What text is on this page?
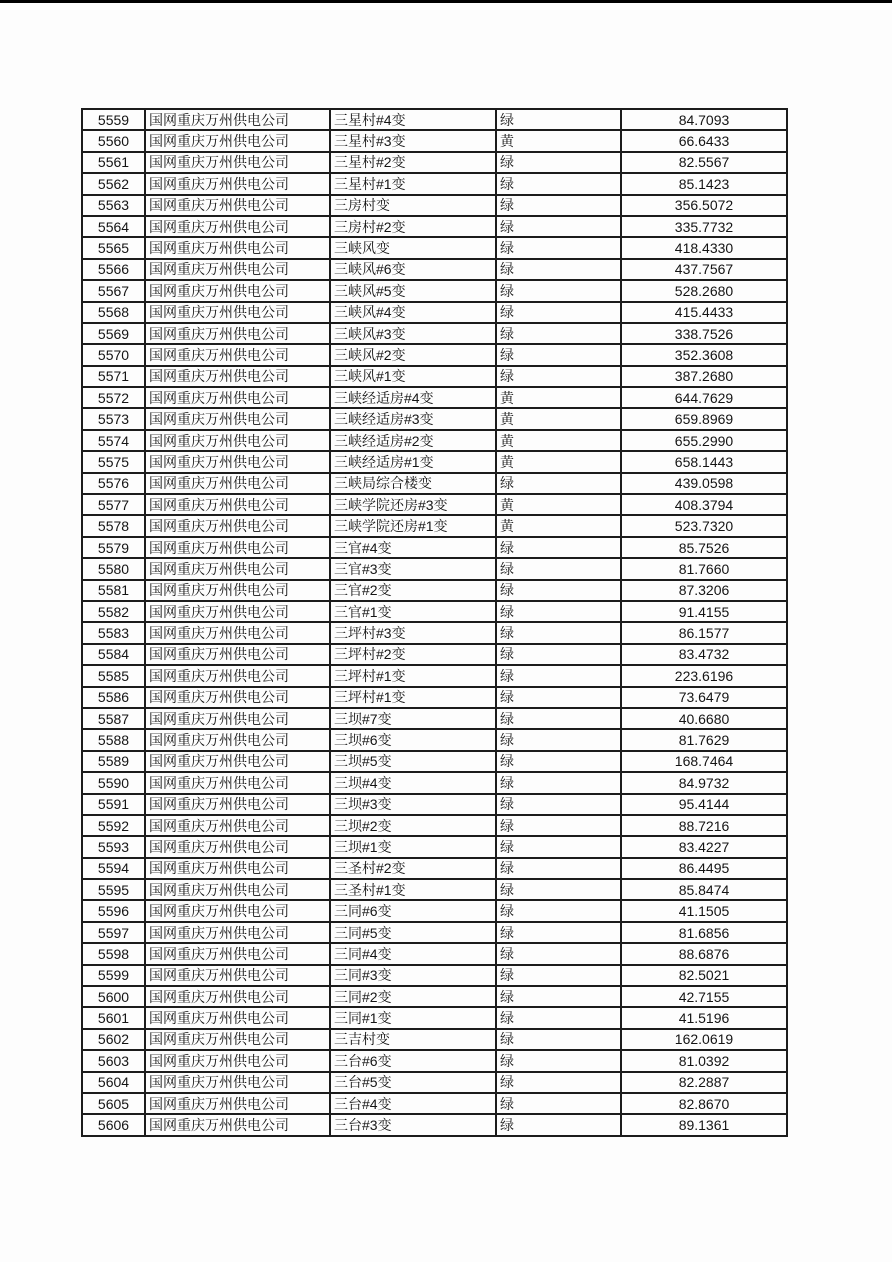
5559	国网重庆万州供电公司	三星村#4变	绿	84.7093
5560	国网重庆万州供电公司	三星村#3变	黄	66.6433
5561	国网重庆万州供电公司	三星村#2变	绿	82.5567
5562	国网重庆万州供电公司	三星村#1变	绿	85.1423
5563	国网重庆万州供电公司	三房村变	绿	356.5072
5564	国网重庆万州供电公司	三房村#2变	绿	335.7732
5565	国网重庆万州供电公司	三峡风变	绿	418.4330
5566	国网重庆万州供电公司	三峡风#6变	绿	437.7567
5567	国网重庆万州供电公司	三峡风#5变	绿	528.2680
5568	国网重庆万州供电公司	三峡风#4变	绿	415.4433
5569	国网重庆万州供电公司	三峡风#3变	绿	338.7526
5570	国网重庆万州供电公司	三峡风#2变	绿	352.3608
5571	国网重庆万州供电公司	三峡风#1变	绿	387.2680
5572	国网重庆万州供电公司	三峡经适房#4变	黄	644.7629
5573	国网重庆万州供电公司	三峡经适房#3变	黄	659.8969
5574	国网重庆万州供电公司	三峡经适房#2变	黄	655.2990
5575	国网重庆万州供电公司	三峡经适房#1变	黄	658.1443
5576	国网重庆万州供电公司	三峡局综合楼变	绿	439.0598
5577	国网重庆万州供电公司	三峡学院还房#3变	黄	408.3794
5578	国网重庆万州供电公司	三峡学院还房#1变	黄	523.7320
5579	国网重庆万州供电公司	三官#4变	绿	85.7526
5580	国网重庆万州供电公司	三官#3变	绿	81.7660
5581	国网重庆万州供电公司	三官#2变	绿	87.3206
5582	国网重庆万州供电公司	三官#1变	绿	91.4155
5583	国网重庆万州供电公司	三坪村#3变	绿	86.1577
5584	国网重庆万州供电公司	三坪村#2变	绿	83.4732
5585	国网重庆万州供电公司	三坪村#1变	绿	223.6196
5586	国网重庆万州供电公司	三坪村#1变	绿	73.6479
5587	国网重庆万州供电公司	三坝#7变	绿	40.6680
5588	国网重庆万州供电公司	三坝#6变	绿	81.7629
5589	国网重庆万州供电公司	三坝#5变	绿	168.7464
5590	国网重庆万州供电公司	三坝#4变	绿	84.9732
5591	国网重庆万州供电公司	三坝#3变	绿	95.4144
5592	国网重庆万州供电公司	三坝#2变	绿	88.7216
5593	国网重庆万州供电公司	三坝#1变	绿	83.4227
5594	国网重庆万州供电公司	三圣村#2变	绿	86.4495
5595	国网重庆万州供电公司	三圣村#1变	绿	85.8474
5596	国网重庆万州供电公司	三同#6变	绿	41.1505
5597	国网重庆万州供电公司	三同#5变	绿	81.6856
5598	国网重庆万州供电公司	三同#4变	绿	88.6876
5599	国网重庆万州供电公司	三同#3变	绿	82.5021
5600	国网重庆万州供电公司	三同#2变	绿	42.7155
5601	国网重庆万州供电公司	三同#1变	绿	41.5196
5602	国网重庆万州供电公司	三吉村变	绿	162.0619
5603	国网重庆万州供电公司	三台#6变	绿	81.0392
5604	国网重庆万州供电公司	三台#5变	绿	82.2887
5605	国网重庆万州供电公司	三台#4变	绿	82.8670
5606	国网重庆万州供电公司	三台#3变	绿	89.1361
